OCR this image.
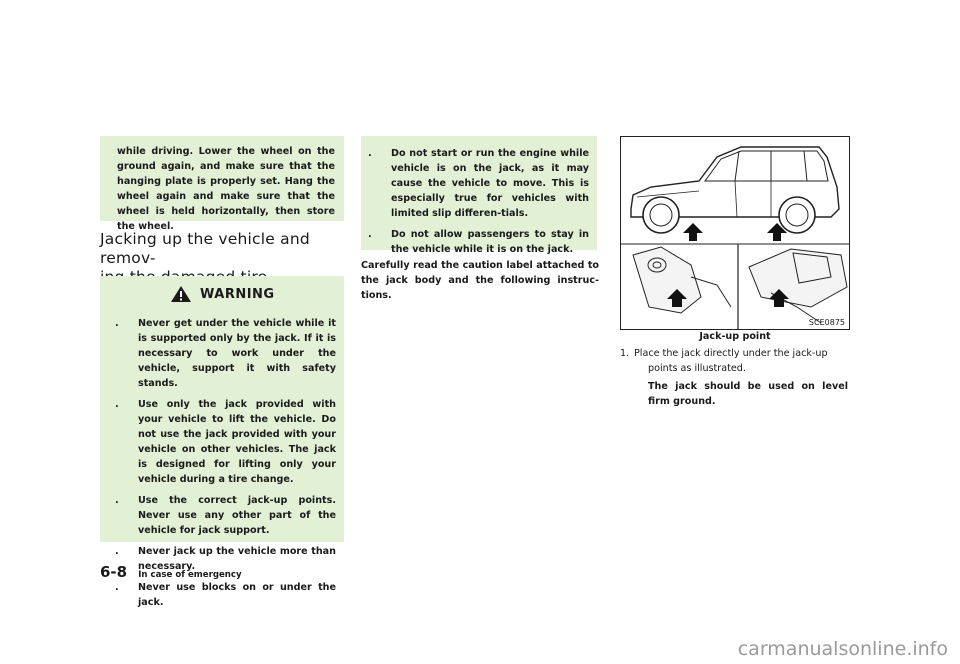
while driving. Lower the wheel on the ground again, and make sure that the hanging plate is properly set. Hang the wheel again and make sure that the wheel is held horizontally, then store the wheel.

Jacking up the vehicle and remov-

WARNING
. Never get under the vehicle while it is supported only by the jack. If it is necessary to work under the vehicle, support it with safety stands.
. Use only the jack provided with your vehicle to lift the vehicle. Do not use the jack provided with your vehicle on other vehicles. The jack is designed for lifting only your vehicle during a tire change.
. Use the correct jack-up points. Never use any other part of the vehicle for jack support.
. Never jack up the vehicle more than necessary.
. Never use blocks on or under the jack.
. Do not start or run the engine while vehicle is on the jack, as it may cause the vehicle to move. This is especially true for vehicles with limited slip differen-tials.
. Do not allow passengers to stay in the vehicle while it is on the jack.

Carefully read the caution label attached to the jack body and the following instruc-tions.

SCE0875
Jack-up point
1. Place the jack directly under the jack-up

points as illustrated.

The jack should be used on level firm ground.

6-8 In case of emergency
carmanualsonline.info
